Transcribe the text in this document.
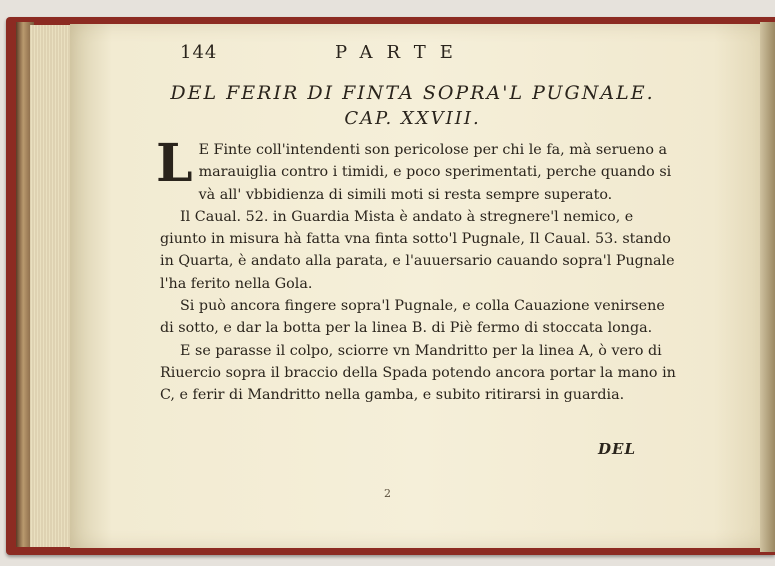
144	PARTE
DEL FERIR DI FINTA SOPRA'L PUGNALE.
CAP. XXVIII.

L E Finte coll'intendenti son pericolose per chi le fa, mà serueno a
marauiglia contro i timidi, e poco sperimentati, perche quando si
và all' vbbidienza di simili moti si resta sempre superato.

Il Caual. 52. in Guardia Mista è andato à stregnere'l nemico, e
giunto in misura hà fatta vna finta sotto'l Pugnale, Il Caual. 53. stando
in Quarta, è andato alla parata, e l'auuersario cauando sopra'l Pugnale
l'ha ferito nella Gola.

Si può ancora fingere sopra'l Pugnale, e colla Cauazione venirsene
di sotto, e dar la botta per la linea B. di Piè fermo di stoccata longa.

E se parasse il colpo, sciorre vn Mandritto per la linea A, ò vero di
Riuercio sopra il braccio della Spada potendo ancora portar la mano in
C, e ferir di Mandritto nella gamba, e subito ritirarsi in guardia.

DEL
2
